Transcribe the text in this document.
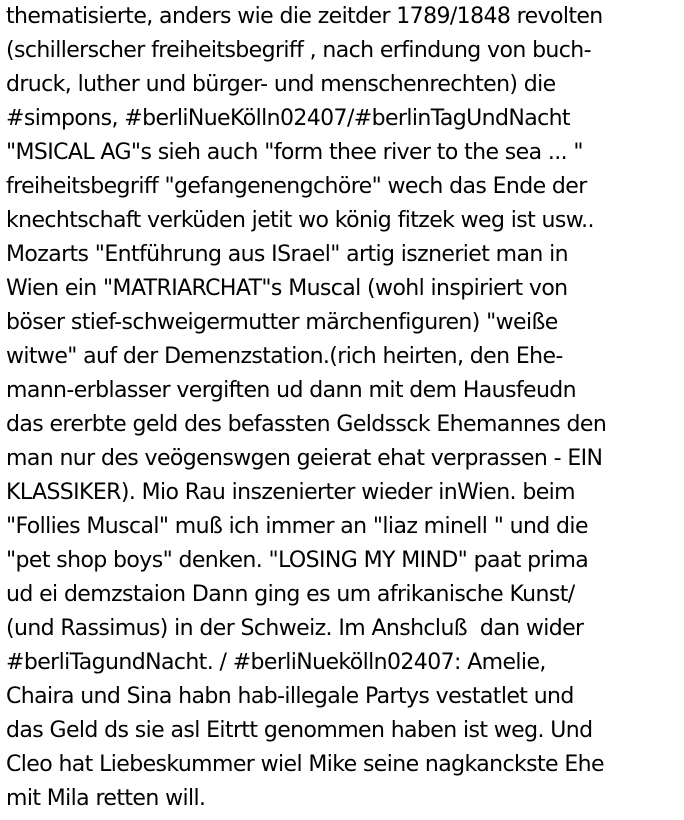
thematisierte, anders wie die zeitder 1789/1848 revolten
(schillerscher freiheitsbegriff , nach erfindung von buch-
druck, luther und bürger- und menschenrechten) die
#simpons, #berliNueKölln02407/#berlinTagUndNacht
"MSICAL AG"s sieh auch "form thee river to the sea ... "
freiheitsbegriff "gefangenengchöre" wech das Ende der
knechtschaft verküden jetit wo könig fitzek weg ist usw..
Mozarts "Entführung aus ISrael" artig iszneriet man in
Wien ein "MATRIARCHAT"s Muscal (wohl inspiriert von
böser stief-schweigermutter märchenfiguren) "weiße
witwe" auf der Demenzstation.(rich heirten, den Ehe-
mann-erblasser vergiften ud dann mit dem Hausfeudn
das ererbte geld des befassten Geldssck Ehemannes den
man nur des veögenswgen geierat ehat verprassen - EIN
KLASSIKER). Mio Rau inszenierter wieder inWien. beim
"Follies Muscal" muß ich immer an "liaz minell " und die
"pet shop boys" denken. "LOSING MY MIND" paat prima
ud ei demzstaion Dann ging es um afrikanische Kunst/
(und Rassimus) in der Schweiz. Im Anshcluß  dan wider
#berliTagundNacht. / #berliNuekölln02407: Amelie,
Chaira und Sina habn hab-illegale Partys vestatlet und
das Geld ds sie asl Eitrtt genommen haben ist weg. Und
Cleo hat Liebeskummer wiel Mike seine nagkanckste Ehe
mit Mila retten will.
